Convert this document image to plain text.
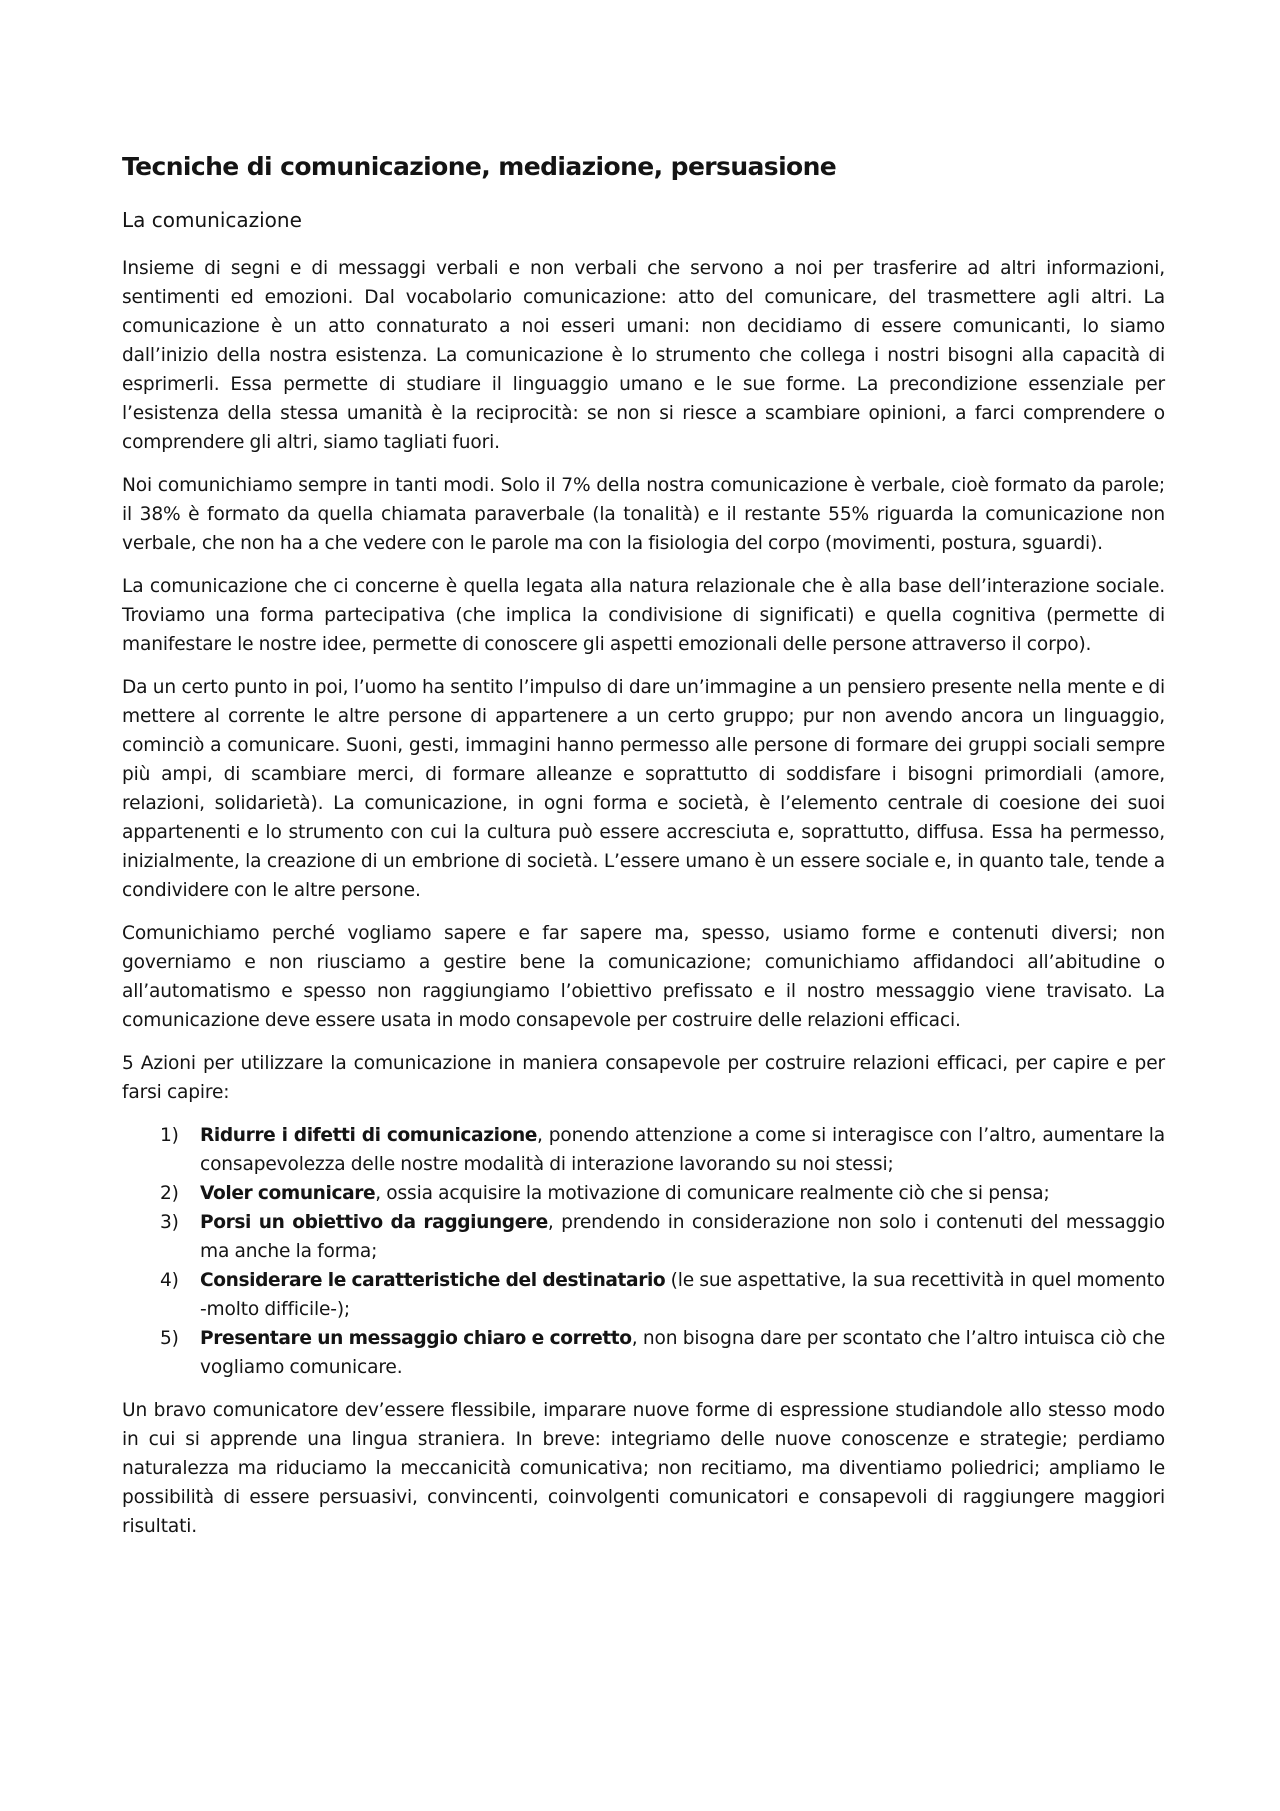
Tecniche di comunicazione, mediazione, persuasione
La comunicazione

Insieme di segni e di messaggi verbali e non verbali che servono a noi per trasferire ad altri informazioni, sentimenti ed emozioni. Dal vocabolario comunicazione: atto del comunicare, del trasmettere agli altri. La comunicazione è un atto connaturato a noi esseri umani: non decidiamo di essere comunicanti, lo siamo dall’inizio della nostra esistenza. La comunicazione è lo strumento che collega i nostri bisogni alla capacità di esprimerli. Essa permette di studiare il linguaggio umano e le sue forme. La precondizione essenziale per l’esistenza della stessa umanità è la reciprocità: se non si riesce a scambiare opinioni, a farci comprendere o comprendere gli altri, siamo tagliati fuori.

Noi comunichiamo sempre in tanti modi. Solo il 7% della nostra comunicazione è verbale, cioè formato da parole; il 38% è formato da quella chiamata paraverbale (la tonalità) e il restante 55% riguarda la comunicazione non verbale, che non ha a che vedere con le parole ma con la fisiologia del corpo (movimenti, postura, sguardi).

La comunicazione che ci concerne è quella legata alla natura relazionale che è alla base dell’interazione sociale. Troviamo una forma partecipativa (che implica la condivisione di significati) e quella cognitiva (permette di manifestare le nostre idee, permette di conoscere gli aspetti emozionali delle persone attraverso il corpo).

Da un certo punto in poi, l’uomo ha sentito l’impulso di dare un’immagine a un pensiero presente nella mente e di mettere al corrente le altre persone di appartenere a un certo gruppo; pur non avendo ancora un linguaggio, cominciò a comunicare. Suoni, gesti, immagini hanno permesso alle persone di formare dei gruppi sociali sempre più ampi, di scambiare merci, di formare alleanze e soprattutto di soddisfare i bisogni primordiali (amore, relazioni, solidarietà). La comunicazione, in ogni forma e società, è l’elemento centrale di coesione dei suoi appartenenti e lo strumento con cui la cultura può essere accresciuta e, soprattutto, diffusa. Essa ha permesso, inizialmente, la creazione di un embrione di società. L’essere umano è un essere sociale e, in quanto tale, tende a condividere con le altre persone.

Comunichiamo perché vogliamo sapere e far sapere ma, spesso, usiamo forme e contenuti diversi; non governiamo e non riusciamo a gestire bene la comunicazione; comunichiamo affidandoci all’abitudine o all’automatismo e spesso non raggiungiamo l’obiettivo prefissato e il nostro messaggio viene travisato. La comunicazione deve essere usata in modo consapevole per costruire delle relazioni efficaci.

5 Azioni per utilizzare la comunicazione in maniera consapevole per costruire relazioni efficaci, per capire e per farsi capire:

1) Ridurre i difetti di comunicazione, ponendo attenzione a come si interagisce con l’altro, aumentare la consapevolezza delle nostre modalità di interazione lavorando su noi stessi;
2) Voler comunicare, ossia acquisire la motivazione di comunicare realmente ciò che si pensa;
3) Porsi un obiettivo da raggiungere, prendendo in considerazione non solo i contenuti del messaggio ma anche la forma;
4) Considerare le caratteristiche del destinatario (le sue aspettative, la sua recettività in quel momento -molto difficile-);
5) Presentare un messaggio chiaro e corretto, non bisogna dare per scontato che l’altro intuisca ciò che vogliamo comunicare.

Un bravo comunicatore dev’essere flessibile, imparare nuove forme di espressione studiandole allo stesso modo in cui si apprende una lingua straniera. In breve: integriamo delle nuove conoscenze e strategie; perdiamo naturalezza ma riduciamo la meccanicità comunicativa; non recitiamo, ma diventiamo poliedrici; ampliamo le possibilità di essere persuasivi, convincenti, coinvolgenti comunicatori e consapevoli di raggiungere maggiori risultati.
